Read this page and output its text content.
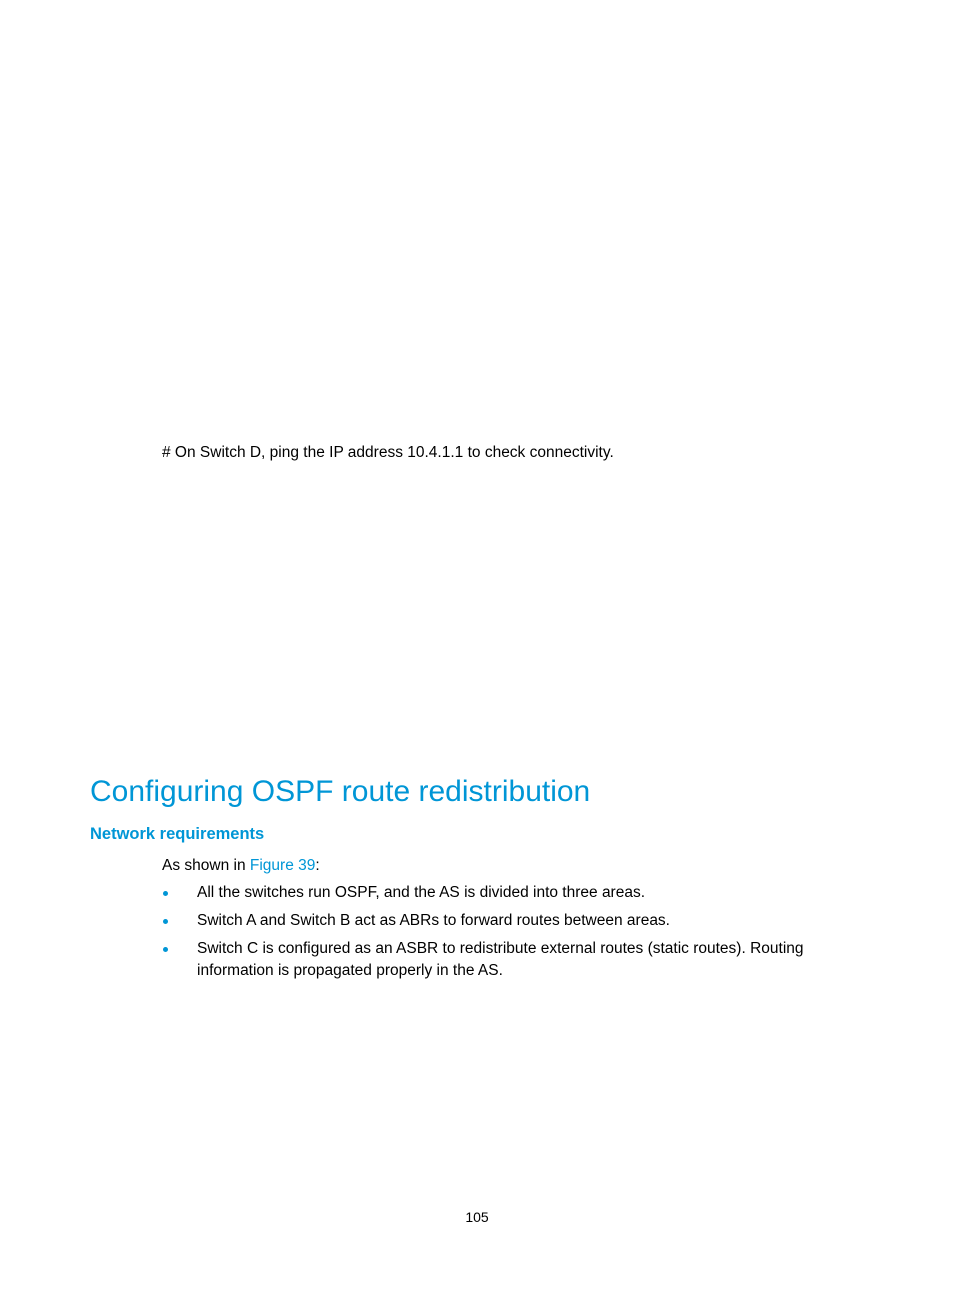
# On Switch D, ping the IP address 10.4.1.1 to check connectivity.
Configuring OSPF route redistribution
Network requirements
As shown in Figure 39:
All the switches run OSPF, and the AS is divided into three areas.
Switch A and Switch B act as ABRs to forward routes between areas.
Switch C is configured as an ASBR to redistribute external routes (static routes). Routing information is propagated properly in the AS.
105
